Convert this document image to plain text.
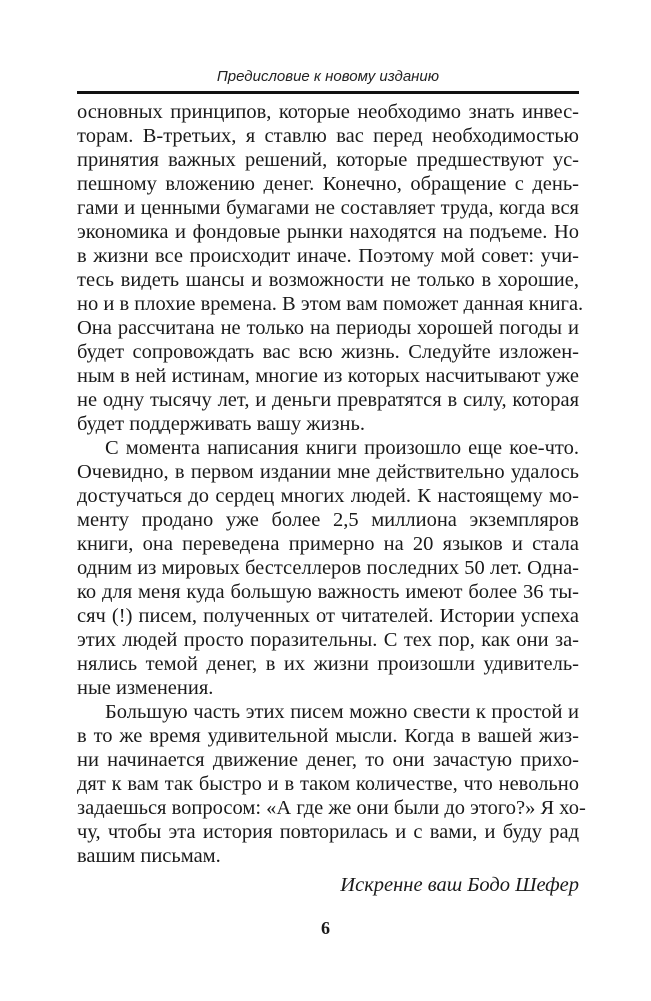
Предисловие к новому изданию
основных принципов, которые необходимо знать инвес-
торам. В-третьих, я ставлю вас перед необходимостью
принятия важных решений, которые предшествуют ус-
пешному вложению денег. Конечно, обращение с день-
гами и ценными бумагами не составляет труда, когда вся
экономика и фондовые рынки находятся на подъеме. Но
в жизни все происходит иначе. Поэтому мой совет: учи-
тесь видеть шансы и возможности не только в хорошие,
но и в плохие времена. В этом вам поможет данная книга.
Она рассчитана не только на периоды хорошей погоды и
будет сопровождать вас всю жизнь. Следуйте изложен-
ным в ней истинам, многие из которых насчитывают уже
не одну тысячу лет, и деньги превратятся в силу, которая
будет поддерживать вашу жизнь.
С момента написания книги произошло еще кое-что.
Очевидно, в первом издании мне действительно удалось
достучаться до сердец многих людей. К настоящему мо-
менту продано уже более 2,5 миллиона экземпляров
книги, она переведена примерно на 20 языков и стала
одним из мировых бестселлеров последних 50 лет. Одна-
ко для меня куда большую важность имеют более 36 ты-
сяч (!) писем, полученных от читателей. Истории успеха
этих людей просто поразительны. С тех пор, как они за-
нялись темой денег, в их жизни произошли удивитель-
ные изменения.
Большую часть этих писем можно свести к простой и
в то же время удивительной мысли. Когда в вашей жиз-
ни начинается движение денег, то они зачастую прихо-
дят к вам так быстро и в таком количестве, что невольно
задаешься вопросом: «А где же они были до этого?» Я хо-
чу, чтобы эта история повторилась и с вами, и буду рад
вашим письмам.
Искренне ваш Бодо Шефер
6
